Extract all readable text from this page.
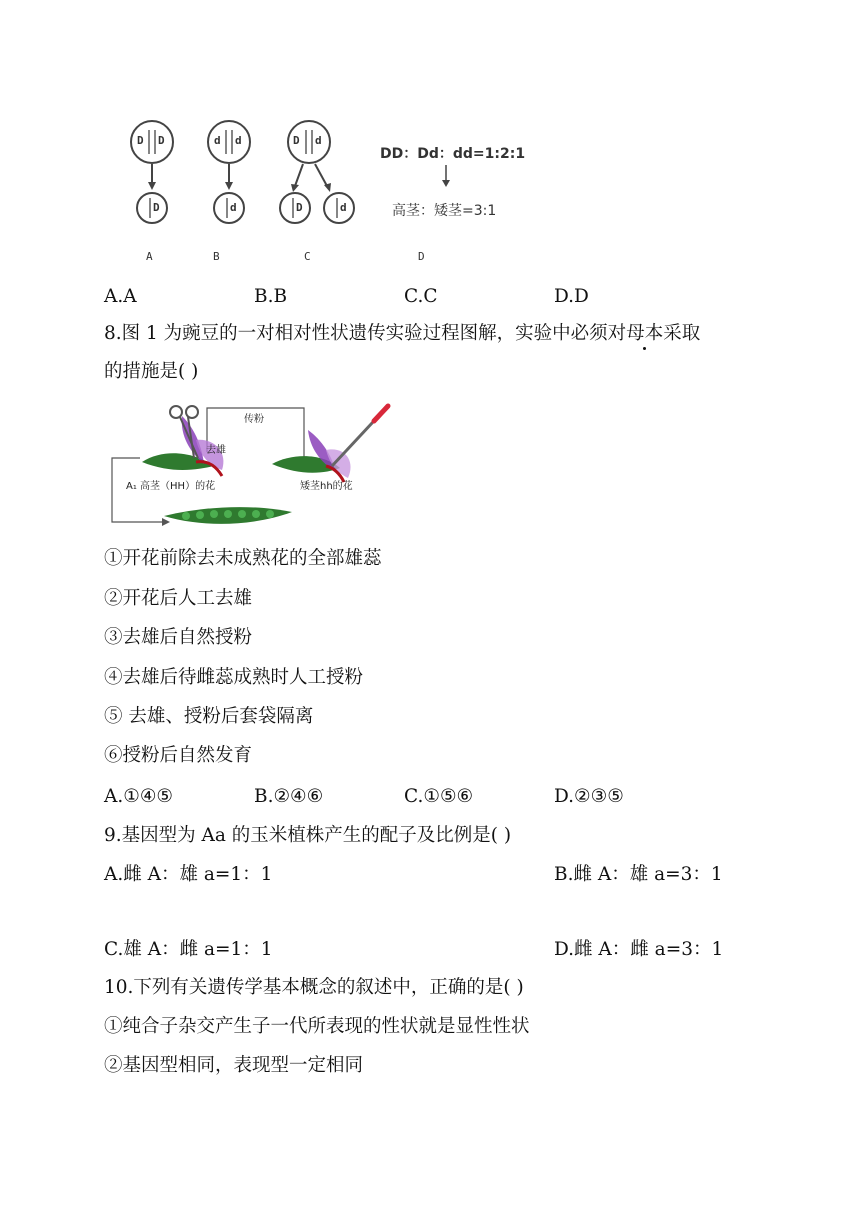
D D	d d	D d
D	d	D	d
DD：Dd：dd=1:2:1
高茎：矮茎=3:1
A	B	C	D
A.A	B.B	C.C	D.D
8.图 1 为豌豆的一对相对性状遗传实验过程图解，实验中必须对母本采取
的措施是( )
传粉
去雄
A₁ 高茎（HH）的花	矮茎hh的花
①开花前除去未成熟花的全部雄蕊
②开花后人工去雄
③去雄后自然授粉
④去雄后待雌蕊成熟时人工授粉
⑤ 去雄、授粉后套袋隔离
⑥授粉后自然发育
A.①④⑤	B.②④⑥	C.①⑤⑥	D.②③⑤
9.基因型为 Aa 的玉米植株产生的配子及比例是( )
A.雌 A：雄 a=1：1	B.雌 A：雄 a=3：1
C.雄 A：雌 a=1：1	D.雌 A：雌 a=3：1
10.下列有关遗传学基本概念的叙述中，正确的是( )
①纯合子杂交产生子一代所表现的性状就是显性性状
②基因型相同，表现型一定相同
